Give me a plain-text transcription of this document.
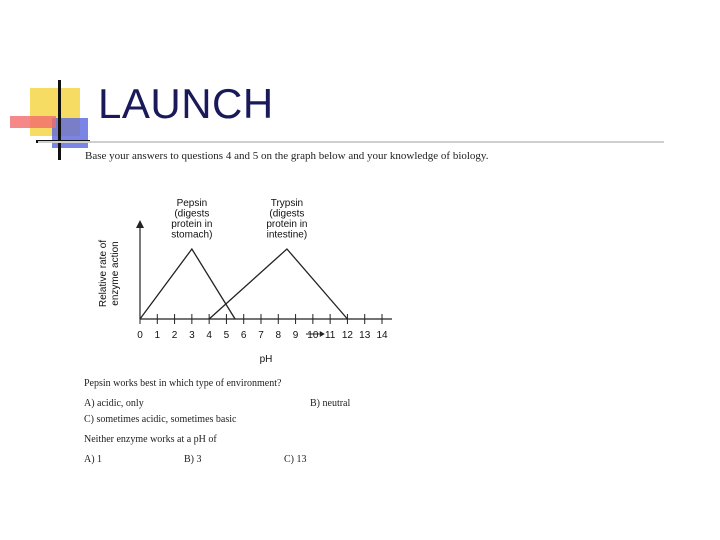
LAUNCH
Base your answers to questions 4 and 5 on the graph below and your knowledge of biology.
0 1 2 3 4 5 6 7 8 9 10 11 12 13 14
pH
Relative rate ofenzyme action
Pepsin (digests protein in stomach)
Trypsin (digests protein in intestine)
Pepsin works best in which type of environment?
A) acidic, only	B) neutral
C) sometimes acidic, sometimes basic
Neither enzyme works at a pH of
A) 1	B) 3	C) 13
